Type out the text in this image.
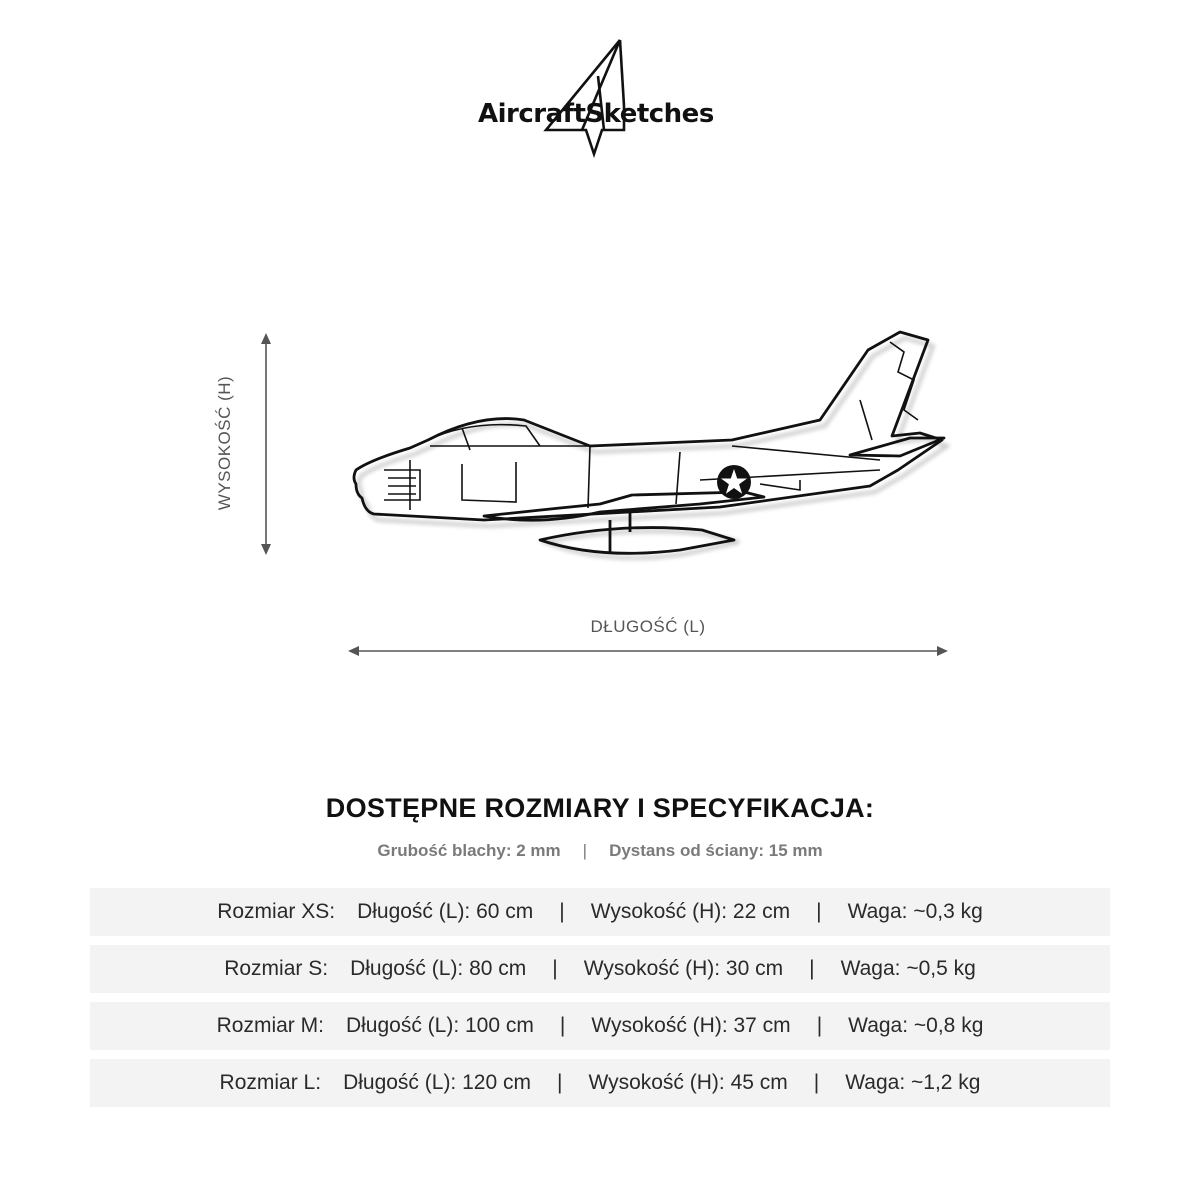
AircraftSketches
WYSOKOŚĆ (H)
DŁUGOŚĆ (L)
DOSTĘPNE ROZMIARY I SPECYFIKACJA:
Grubość blachy: 2 mm | Dystans od ściany: 15 mm
Rozmiar XS: Długość (L): 60 cm | Wysokość (H): 22 cm | Waga: ~0,3 kg
Rozmiar S: Długość (L): 80 cm | Wysokość (H): 30 cm | Waga: ~0,5 kg
Rozmiar M: Długość (L): 100 cm | Wysokość (H): 37 cm | Waga: ~0,8 kg
Rozmiar L: Długość (L): 120 cm | Wysokość (H): 45 cm | Waga: ~1,2 kg
